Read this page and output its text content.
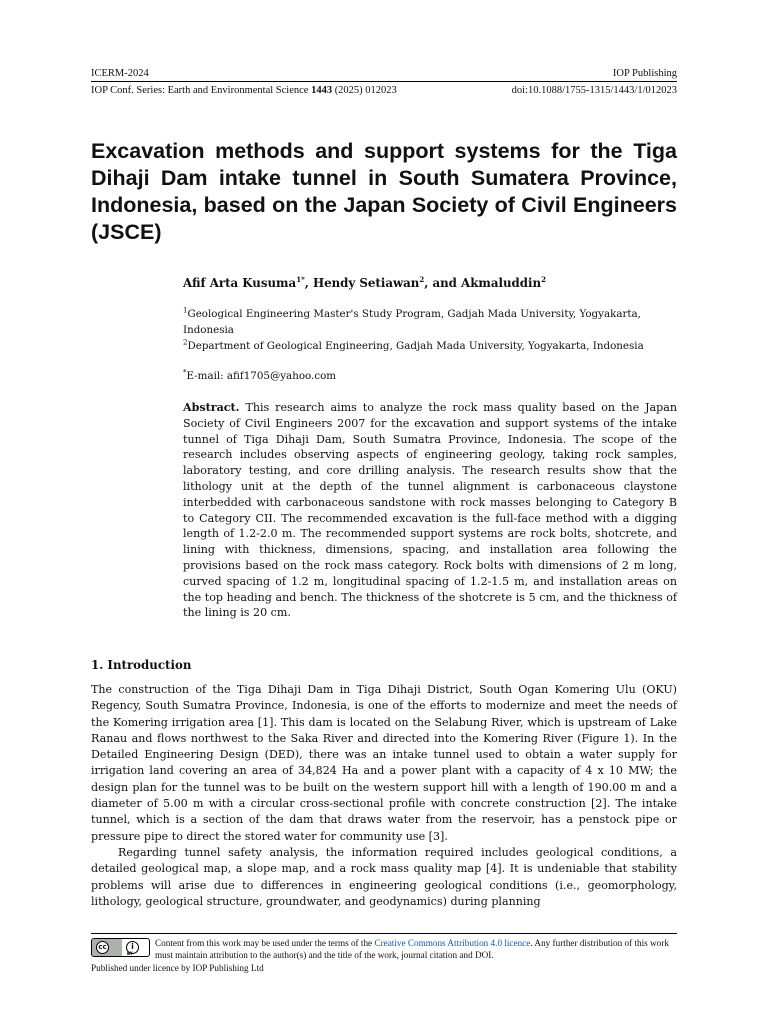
ICERM-2024	IOP Publishing
IOP Conf. Series: Earth and Environmental Science 1443 (2025) 012023	doi:10.1088/1755-1315/1443/1/012023
Excavation methods and support systems for the Tiga Dihaji Dam intake tunnel in South Sumatera Province, Indonesia, based on the Japan Society of Civil Engineers (JSCE)
Afif Arta Kusuma$^{1*}$, Hendy Setiawan$^2$, and Akmaluddin$^2$
$^1$Geological Engineering Master's Study Program, Gadjah Mada University, Yogyakarta, Indonesia
$^2$Department of Geological Engineering, Gadjah Mada University, Yogyakarta, Indonesia
*E-mail: afif1705@yahoo.com

Abstract. This research aims to analyze the rock mass quality based on the Japan Society of Civil Engineers 2007 for the excavation and support systems of the intake tunnel of Tiga Dihaji Dam, South Sumatra Province, Indonesia. The scope of the research includes observing aspects of engineering geology, taking rock samples, laboratory testing, and core drilling analysis. The research results show that the lithology unit at the depth of the tunnel alignment is carbonaceous claystone interbedded with carbonaceous sandstone with rock masses belonging to Category B to Category CII. The recommended excavation is the full-face method with a digging length of 1.2-2.0 m. The recommended support systems are rock bolts, shotcrete, and lining with thickness, dimensions, spacing, and installation area following the provisions based on the rock mass category. Rock bolts with dimensions of 2 m long, curved spacing of 1.2 m, longitudinal spacing of 1.2-1.5 m, and installation areas on the top heading and bench. The thickness of the shotcrete is 5 cm, and the thickness of the lining is 20 cm.

1. Introduction

The construction of the Tiga Dihaji Dam in Tiga Dihaji District, South Ogan Komering Ulu (OKU) Regency, South Sumatra Province, Indonesia, is one of the efforts to modernize and meet the needs of the Komering irrigation area [1]. This dam is located on the Selabung River, which is upstream of Lake Ranau and flows northwest to the Saka River and directed into the Komering River (Figure 1). In the Detailed Engineering Design (DED), there was an intake tunnel used to obtain a water supply for irrigation land covering an area of 34,824 Ha and a power plant with a capacity of 4 x 10 MW; the design plan for the tunnel was to be built on the western support hill with a length of 190.00 m and a diameter of 5.00 m with a circular cross-sectional profile with concrete construction [2]. The intake tunnel, which is a section of the dam that draws water from the reservoir, has a penstock pipe or pressure pipe to direct the stored water for community use [3].

Regarding tunnel safety analysis, the information required includes geological conditions, a detailed geological map, a slope map, and a rock mass quality map [4]. It is undeniable that stability problems will arise due to differences in engineering geological conditions (i.e., geomorphology, lithology, geological structure, groundwater, and geodynamics) during planning

cc	i
BY
Content from this work may be used under the terms of the Creative Commons Attribution 4.0 licence. Any further distribution of this work must maintain attribution to the author(s) and the title of the work, journal citation and DOI.
Published under licence by IOP Publishing Ltd
